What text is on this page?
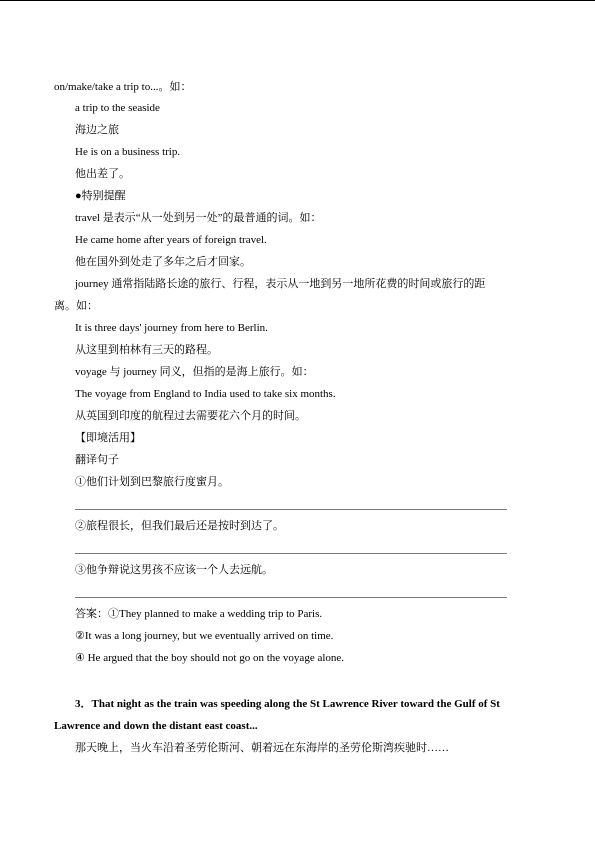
on/make/take a trip to...。如：
a trip to the seaside
海边之旅
He is on a business trip.
他出差了。
●特别提醒
travel 是表示“从一处到另一处”的最普通的词。如：
He came home after years of foreign travel.
他在国外到处走了多年之后才回家。
journey 通常指陆路长途的旅行、行程，表示从一地到另一地所花费的时间或旅行的距
离。如：
It is three days' journey from here to Berlin.
从这里到柏林有三天的路程。
voyage 与 journey 同义，但指的是海上旅行。如：
The voyage from England to India used to take six months.
从英国到印度的航程过去需要花六个月的时间。
【即境活用】
翻译句子
①他们计划到巴黎旅行度蜜月。
②旅程很长，但我们最后还是按时到达了。
③他争辩说这男孩不应该一个人去远航。
答案：①They planned to make a wedding trip to Paris.
②It was a long journey, but we eventually arrived on time.
④ He argued that the boy should not go on the voyage alone.
3．That night as the train was speeding along the St Lawrence River toward the Gulf of St
Lawrence and down the distant east coast...
那天晚上，当火车沿着圣劳伦斯河、朝着远在东海岸的圣劳伦斯湾疾驰时……
